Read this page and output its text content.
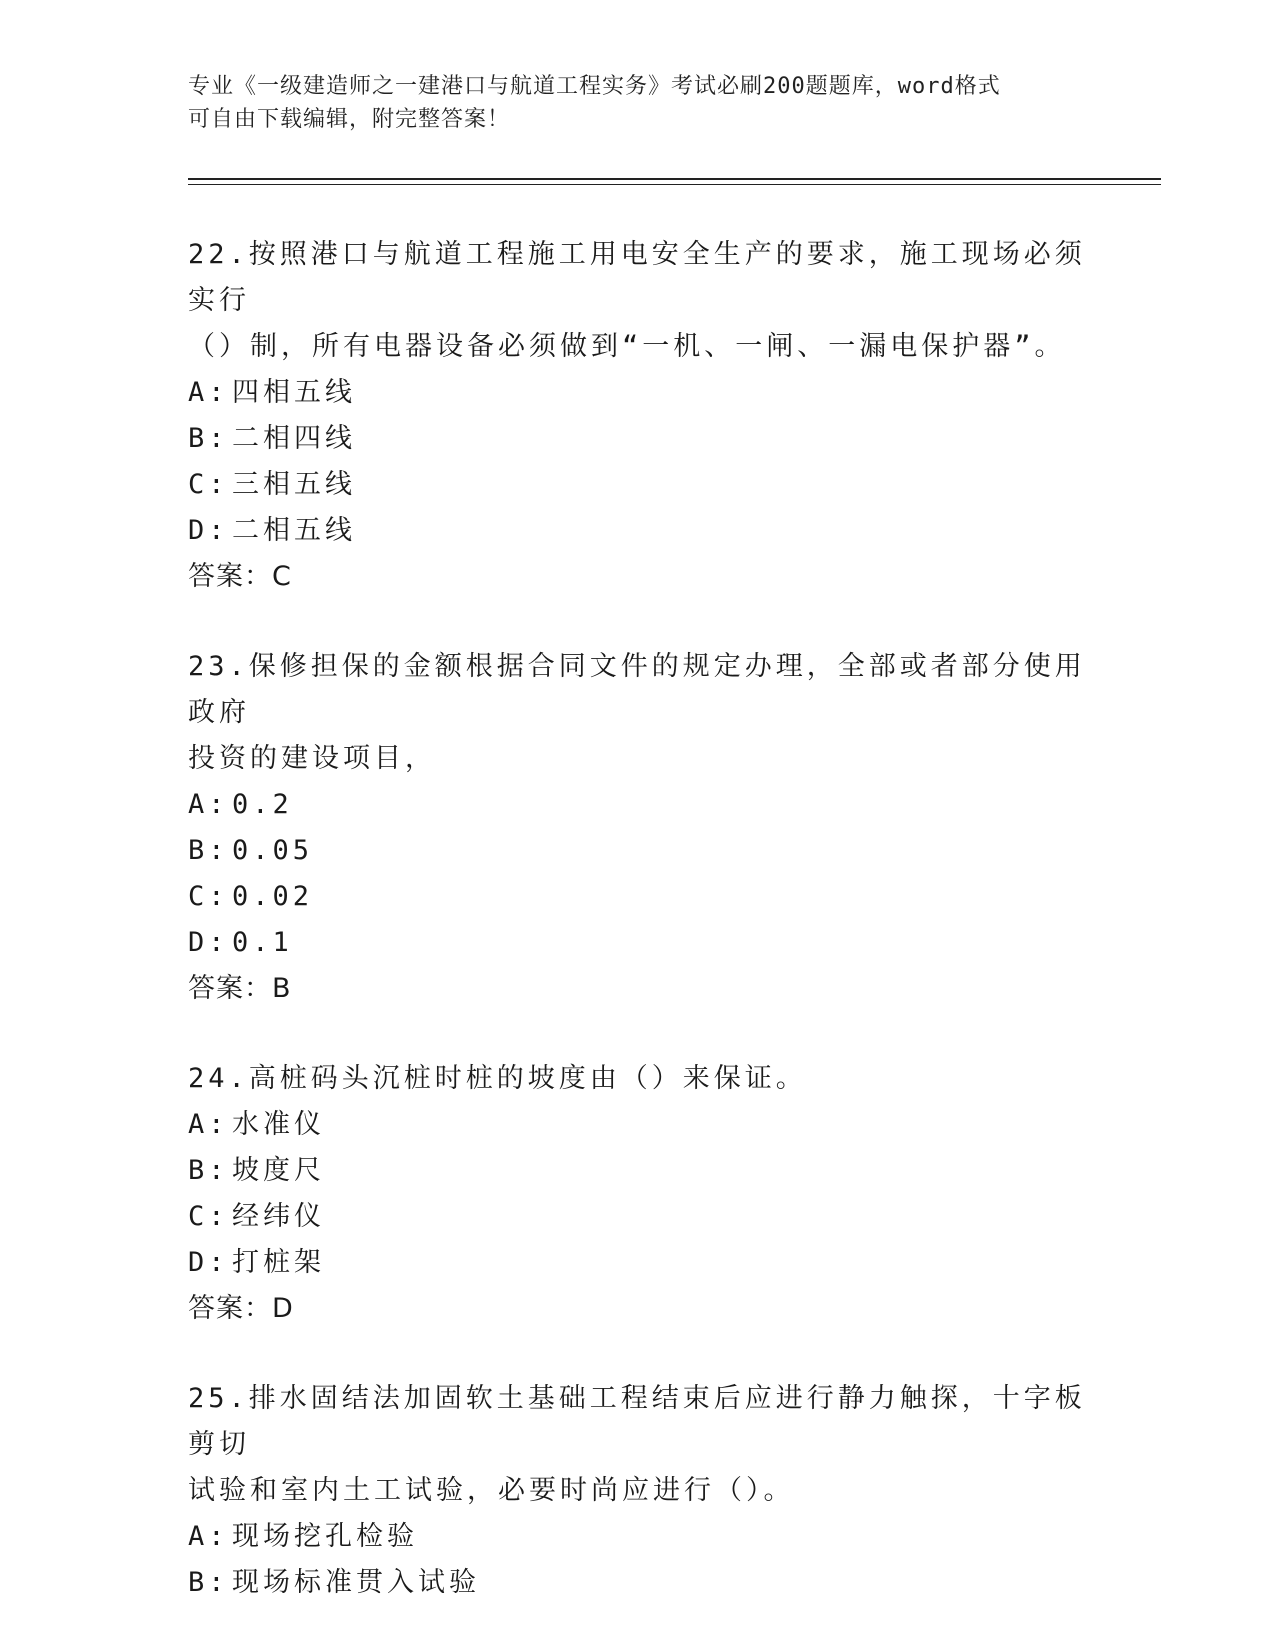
专业《一级建造师之一建港口与航道工程实务》考试必刷200题题库，word格式
可自由下载编辑，附完整答案！

22.按照港口与航道工程施工用电安全生产的要求，施工现场必须实行
（）制，所有电器设备必须做到“一机、一闸、一漏电保护器”。

A: 四相五线

B: 二相四线

C: 三相五线

D: 二相五线

答案：C

23.保修担保的金额根据合同文件的规定办理，全部或者部分使用政府
投资的建设项目，

A: 0.2

B: 0.05

C: 0.02

D: 0.1

答案：B

24.高桩码头沉桩时桩的坡度由（）来保证。

A: 水准仪

B: 坡度尺

C: 经纬仪

D: 打桩架

答案：D

25.排水固结法加固软土基础工程结束后应进行静力触探，十字板剪切
试验和室内土工试验，必要时尚应进行（）。

A: 现场挖孔检验

B: 现场标准贯入试验
